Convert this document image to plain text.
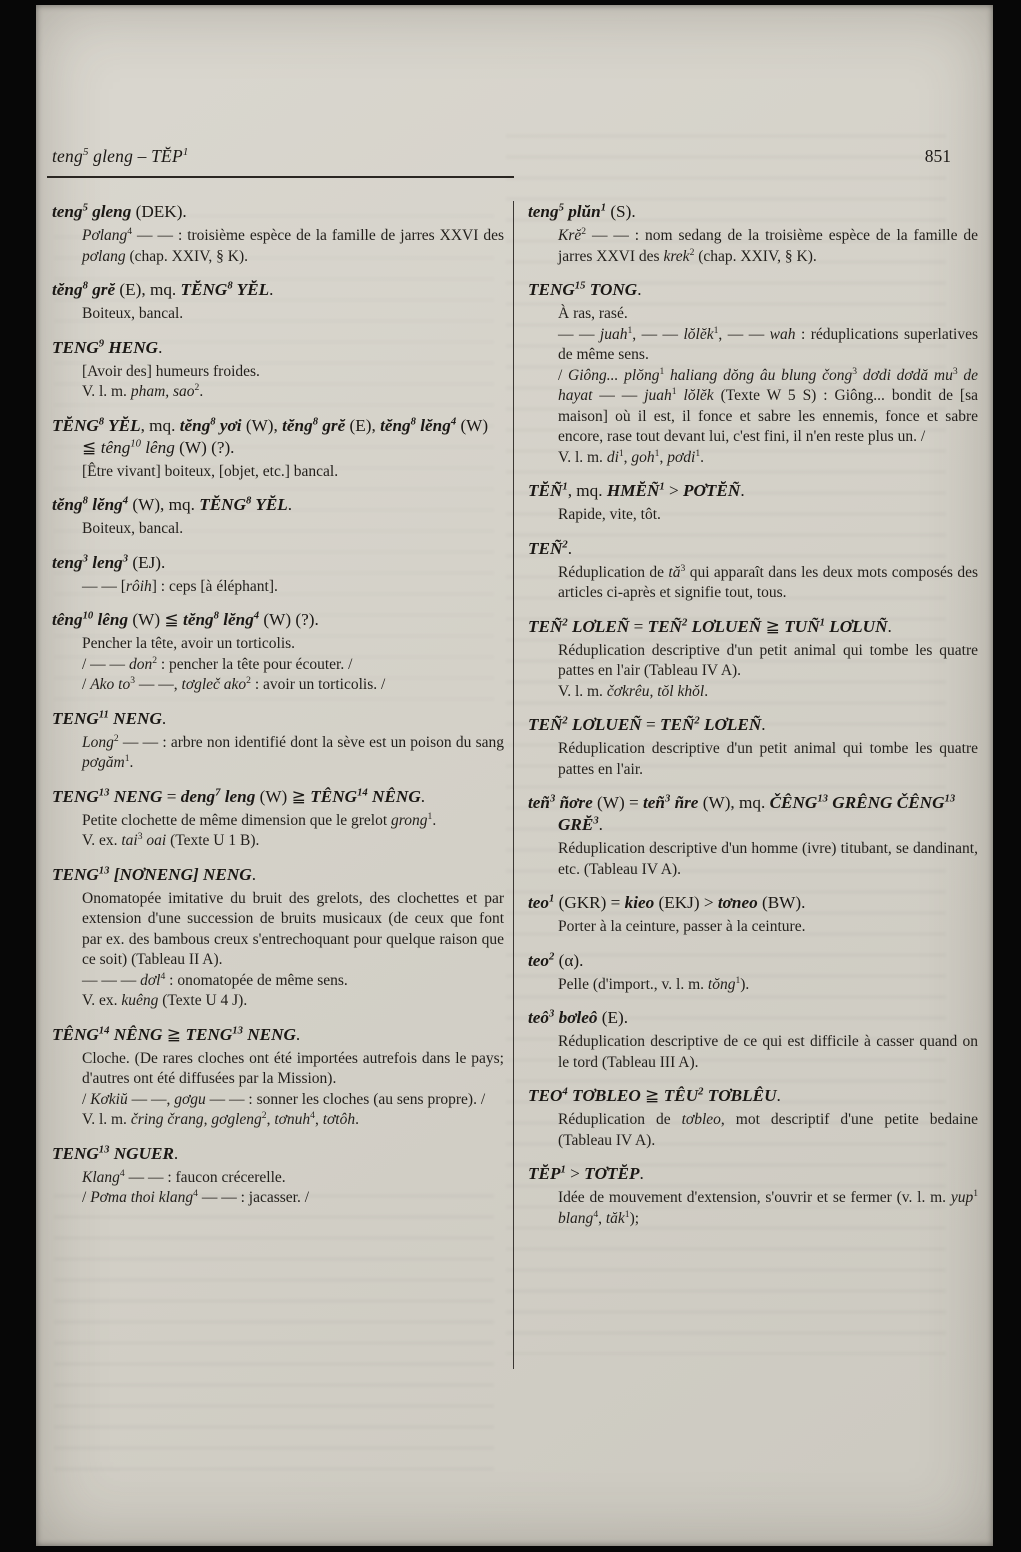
teng$^5$ gleng – TĔP$^1$	851
teng$^5$ gleng (DEK).

Pơlang$^4$ — — : troisième espèce de la famille de jarres XXVI des pơlang (chap. XXIV, § K).

tĕng$^8$ grĕ (E), mq. TĔNG$^8$ YĔL.

Boiteux, bancal.

TENG$^9$ HENG.

[Avoir des] humeurs froides.

V. l. m. pham, sao$^2$.

TĔNG$^8$ YĔL, mq. tĕng$^8$ yơi (W), tĕng$^8$ grĕ (E), tĕng$^8$ lĕng$^4$ (W) ≦ têng$^{10}$ lêng (W) (?).

[Être vivant] boiteux, [objet, etc.] bancal.

tĕng$^8$ lĕng$^4$ (W), mq. TĔNG$^8$ YĔL.

Boiteux, bancal.

teng$^3$ leng$^3$ (EJ).

— — [rôih] : ceps [à éléphant].

têng$^{10}$ lêng (W) ≦ tĕng$^8$ lĕng$^4$ (W) (?).

Pencher la tête, avoir un torticolis.

/ — — don$^2$ : pencher la tête pour écouter. /

/ Ako $to^3$ — —, tơgleč ako$^2$ : avoir un torticolis. /

TENG$^{11}$ NENG.

Long$^2$ — — : arbre non identifié dont la sève est un poison du sang pơgăm$^1$.

TENG$^{13}$ NENG = deng$^7$ leng (W) ≧ TÊNG$^{14}$ NÊNG.

Petite clochette de même dimension que le grelot grong$^1$.

V. ex. tai$^3$ oai (Texte U 1 B).

TENG$^{13}$ [NƠNENG] NENG.

Onomatopée imitative du bruit des grelots, des clochettes et par extension d'une succession de bruits musicaux (de ceux que font par ex. des bambous creux s'entrechoquant pour quelque raison que ce soit) (Tableau II A).

— — — dơl$^4$ : onomatopée de même sens.

V. ex. kuêng (Texte U 4 J).

TÊNG$^{14}$ NÊNG ≧ TENG$^{13}$ NENG.

Cloche. (De rares cloches ont été importées autrefois dans le pays; d'autres ont été diffusées par la Mission).

/ Kơkiŭ — —, gơgu — — : sonner les cloches (au sens propre). /

V. l. m. čring črang, gơgleng$^2$, tơnuh$^4$, tơtôh.

TENG$^{13}$ NGUER.

Klang$^4$ — — : faucon crécerelle.

/ Pơma thoi klang$^4$ — — : jacasser. /

teng$^5$ plŭn$^1$ (S).

Krĕ$^2$ — — : nom sedang de la troisième espèce de la famille de jarres XXVI des krek$^2$ (chap. XXIV, § K).

TENG$^{15}$ TONG.

À ras, rasé.

— — juah$^1$, — — lŏlĕk$^1$, — — wah : réduplications superlatives de même sens.

/ Giông... plŏng$^1$ haliang dŏng âu blung čong$^3$ dơdi dơdă $mu^3$ de hayat — — juah$^1$ lŏlĕk (Texte W 5 S) : Giông... bondit de [sa maison] où il est, il fonce et sabre les ennemis, fonce et sabre encore, rase tout devant lui, c'est fini, il n'en reste plus un. /

V. l. m. $di^1$, goh$^1$, pơdi$^1$.

TĔÑ$^1$, mq. $HMĔÑ^1$ > PƠTĔÑ.

Rapide, vite, tôt.

TEÑ$^2$.

Réduplication de $tă^3$ qui apparaît dans les deux mots composés des articles ci-après et signifie tout, tous.

TEÑ$^2$ LƠLEÑ = $TEÑ^2$ LƠLUEÑ ≧ TUÑ$^1$ LƠLUÑ.

Réduplication descriptive d'un petit animal qui tombe les quatre pattes en l'air (Tableau IV A).

V. l. m. čơkrêu, tŏl khŏl.

TEÑ$^2$ LƠLUEÑ = $TEÑ^2$ LƠLEÑ.

Réduplication descriptive d'un petit animal qui tombe les quatre pattes en l'air.

teñ$^3$ ñơre (W) = teñ$^3$ ñre (W), mq. ČÊNG$^{13}$ GRÊNG ČÊNG$^{13}$ GRĔ$^3$.

Réduplication descriptive d'un homme (ivre) titubant, se dandinant, etc. (Tableau IV A).

teo$^1$ (GKR) = kieo (EKJ) > tơneo (BW).

Porter à la ceinture, passer à la ceinture.

teo$^2$ (α).

Pelle (d'import., v. l. m. tŏng$^1$).

teô$^3$ bơleô (E).

Réduplication descriptive de ce qui est difficile à casser quand on le tord (Tableau III A).

TEO$^4$ TƠBLEO ≧ TÊU$^2$ TƠBLÊU.

Réduplication de tơbleo, mot descriptif d'une petite bedaine (Tableau IV A).

$TĔP^1$ > TƠTĔP.

Idée de mouvement d'extension, s'ouvrir et se fermer (v. l. m. yup$^1$ blang$^4$, tăk$^1$);
